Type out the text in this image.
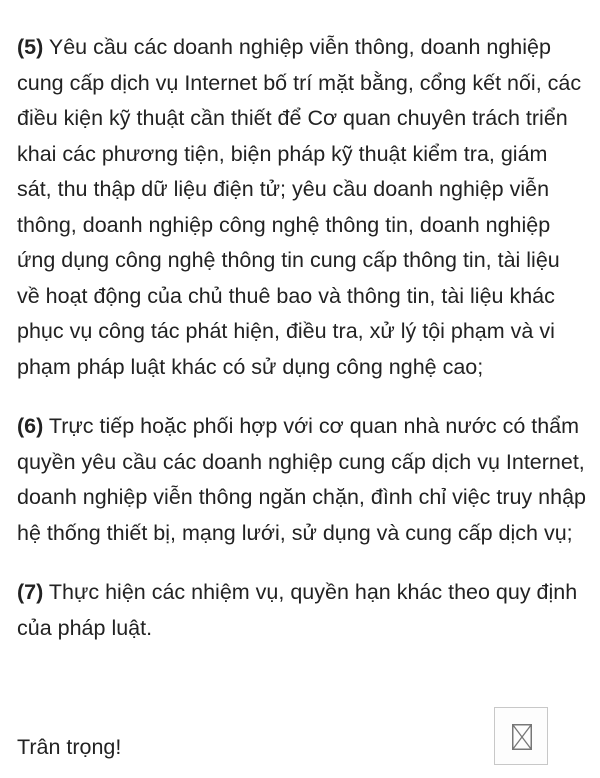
(5) Yêu cầu các doanh nghiệp viễn thông, doanh nghiệp cung cấp dịch vụ Internet bố trí mặt bằng, cổng kết nối, các điều kiện kỹ thuật cần thiết để Cơ quan chuyên trách triển khai các phương tiện, biện pháp kỹ thuật kiểm tra, giám sát, thu thập dữ liệu điện tử; yêu cầu doanh nghiệp viễn thông, doanh nghiệp công nghệ thông tin, doanh nghiệp ứng dụng công nghệ thông tin cung cấp thông tin, tài liệu về hoạt động của chủ thuê bao và thông tin, tài liệu khác phục vụ công tác phát hiện, điều tra, xử lý tội phạm và vi phạm pháp luật khác có sử dụng công nghệ cao;

(6) Trực tiếp hoặc phối hợp với cơ quan nhà nước có thẩm quyền yêu cầu các doanh nghiệp cung cấp dịch vụ Internet, doanh nghiệp viễn thông ngăn chặn, đình chỉ việc truy nhập hệ thống thiết bị, mạng lưới, sử dụng và cung cấp dịch vụ;

(7) Thực hiện các nhiệm vụ, quyền hạn khác theo quy định của pháp luật.

Trân trọng!
